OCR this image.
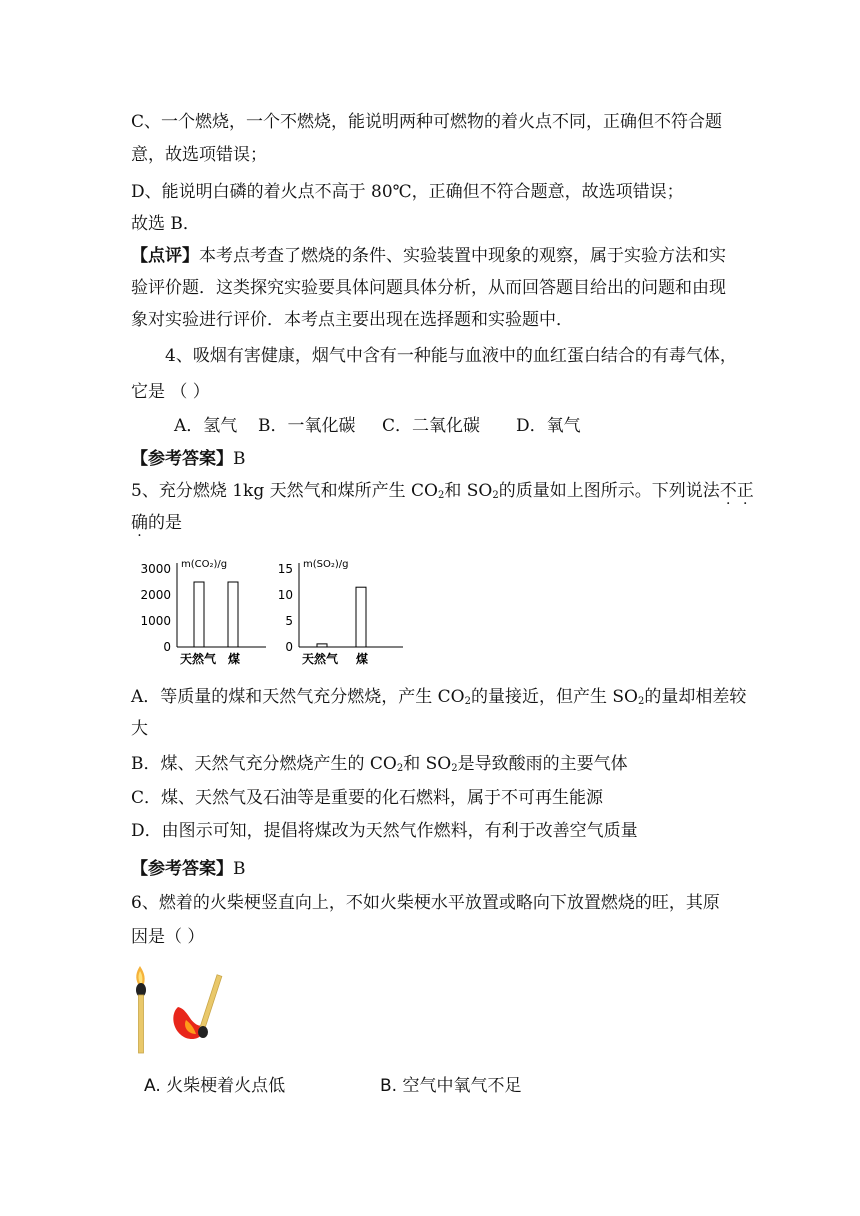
C、一个燃烧，一个不燃烧，能说明两种可燃物的着火点不同，正确但不符合题
意，故选项错误；
D、能说明白磷的着火点不高于 80℃，正确但不符合题意，故选项错误；
故选 B．
【点评】本考点考查了燃烧的条件、实验装置中现象的观察，属于实验方法和实
验评价题．这类探究实验要具体问题具体分析，从而回答题目给出的问题和由现
象对实验进行评价．本考点主要出现在选择题和实验题中．
4、吸烟有害健康，烟气中含有一种能与血液中的血红蛋白结合的有毒气体，
它是 （ ）
A．氢气 B．一氧化碳 C．二氧化碳 D．氧气
【参考答案】B
5、充分燃烧 1kg 天然气和煤所产生 $CO_2$和 $SO_2$的质量如上图所示。下列说法不正
确的是
m(CO₂)/g
3000
2000
1000
0
天然气 煤
m(SO₂)/g
15
10
5
0
天然气 煤
A．等质量的煤和天然气充分燃烧，产生 $CO_2$的量接近，但产生 $SO_2$的量却相差较
大
B．煤、天然气充分燃烧产生的 $CO_2$和 $SO_2$是导致酸雨的主要气体
C．煤、天然气及石油等是重要的化石燃料，属于不可再生能源
D．由图示可知，提倡将煤改为天然气作燃料，有利于改善空气质量
【参考答案】B
6、燃着的火柴梗竖直向上，不如火柴梗水平放置或略向下放置燃烧的旺，其原
因是（ ）
A. 火柴梗着火点低	B. 空气中氧气不足
